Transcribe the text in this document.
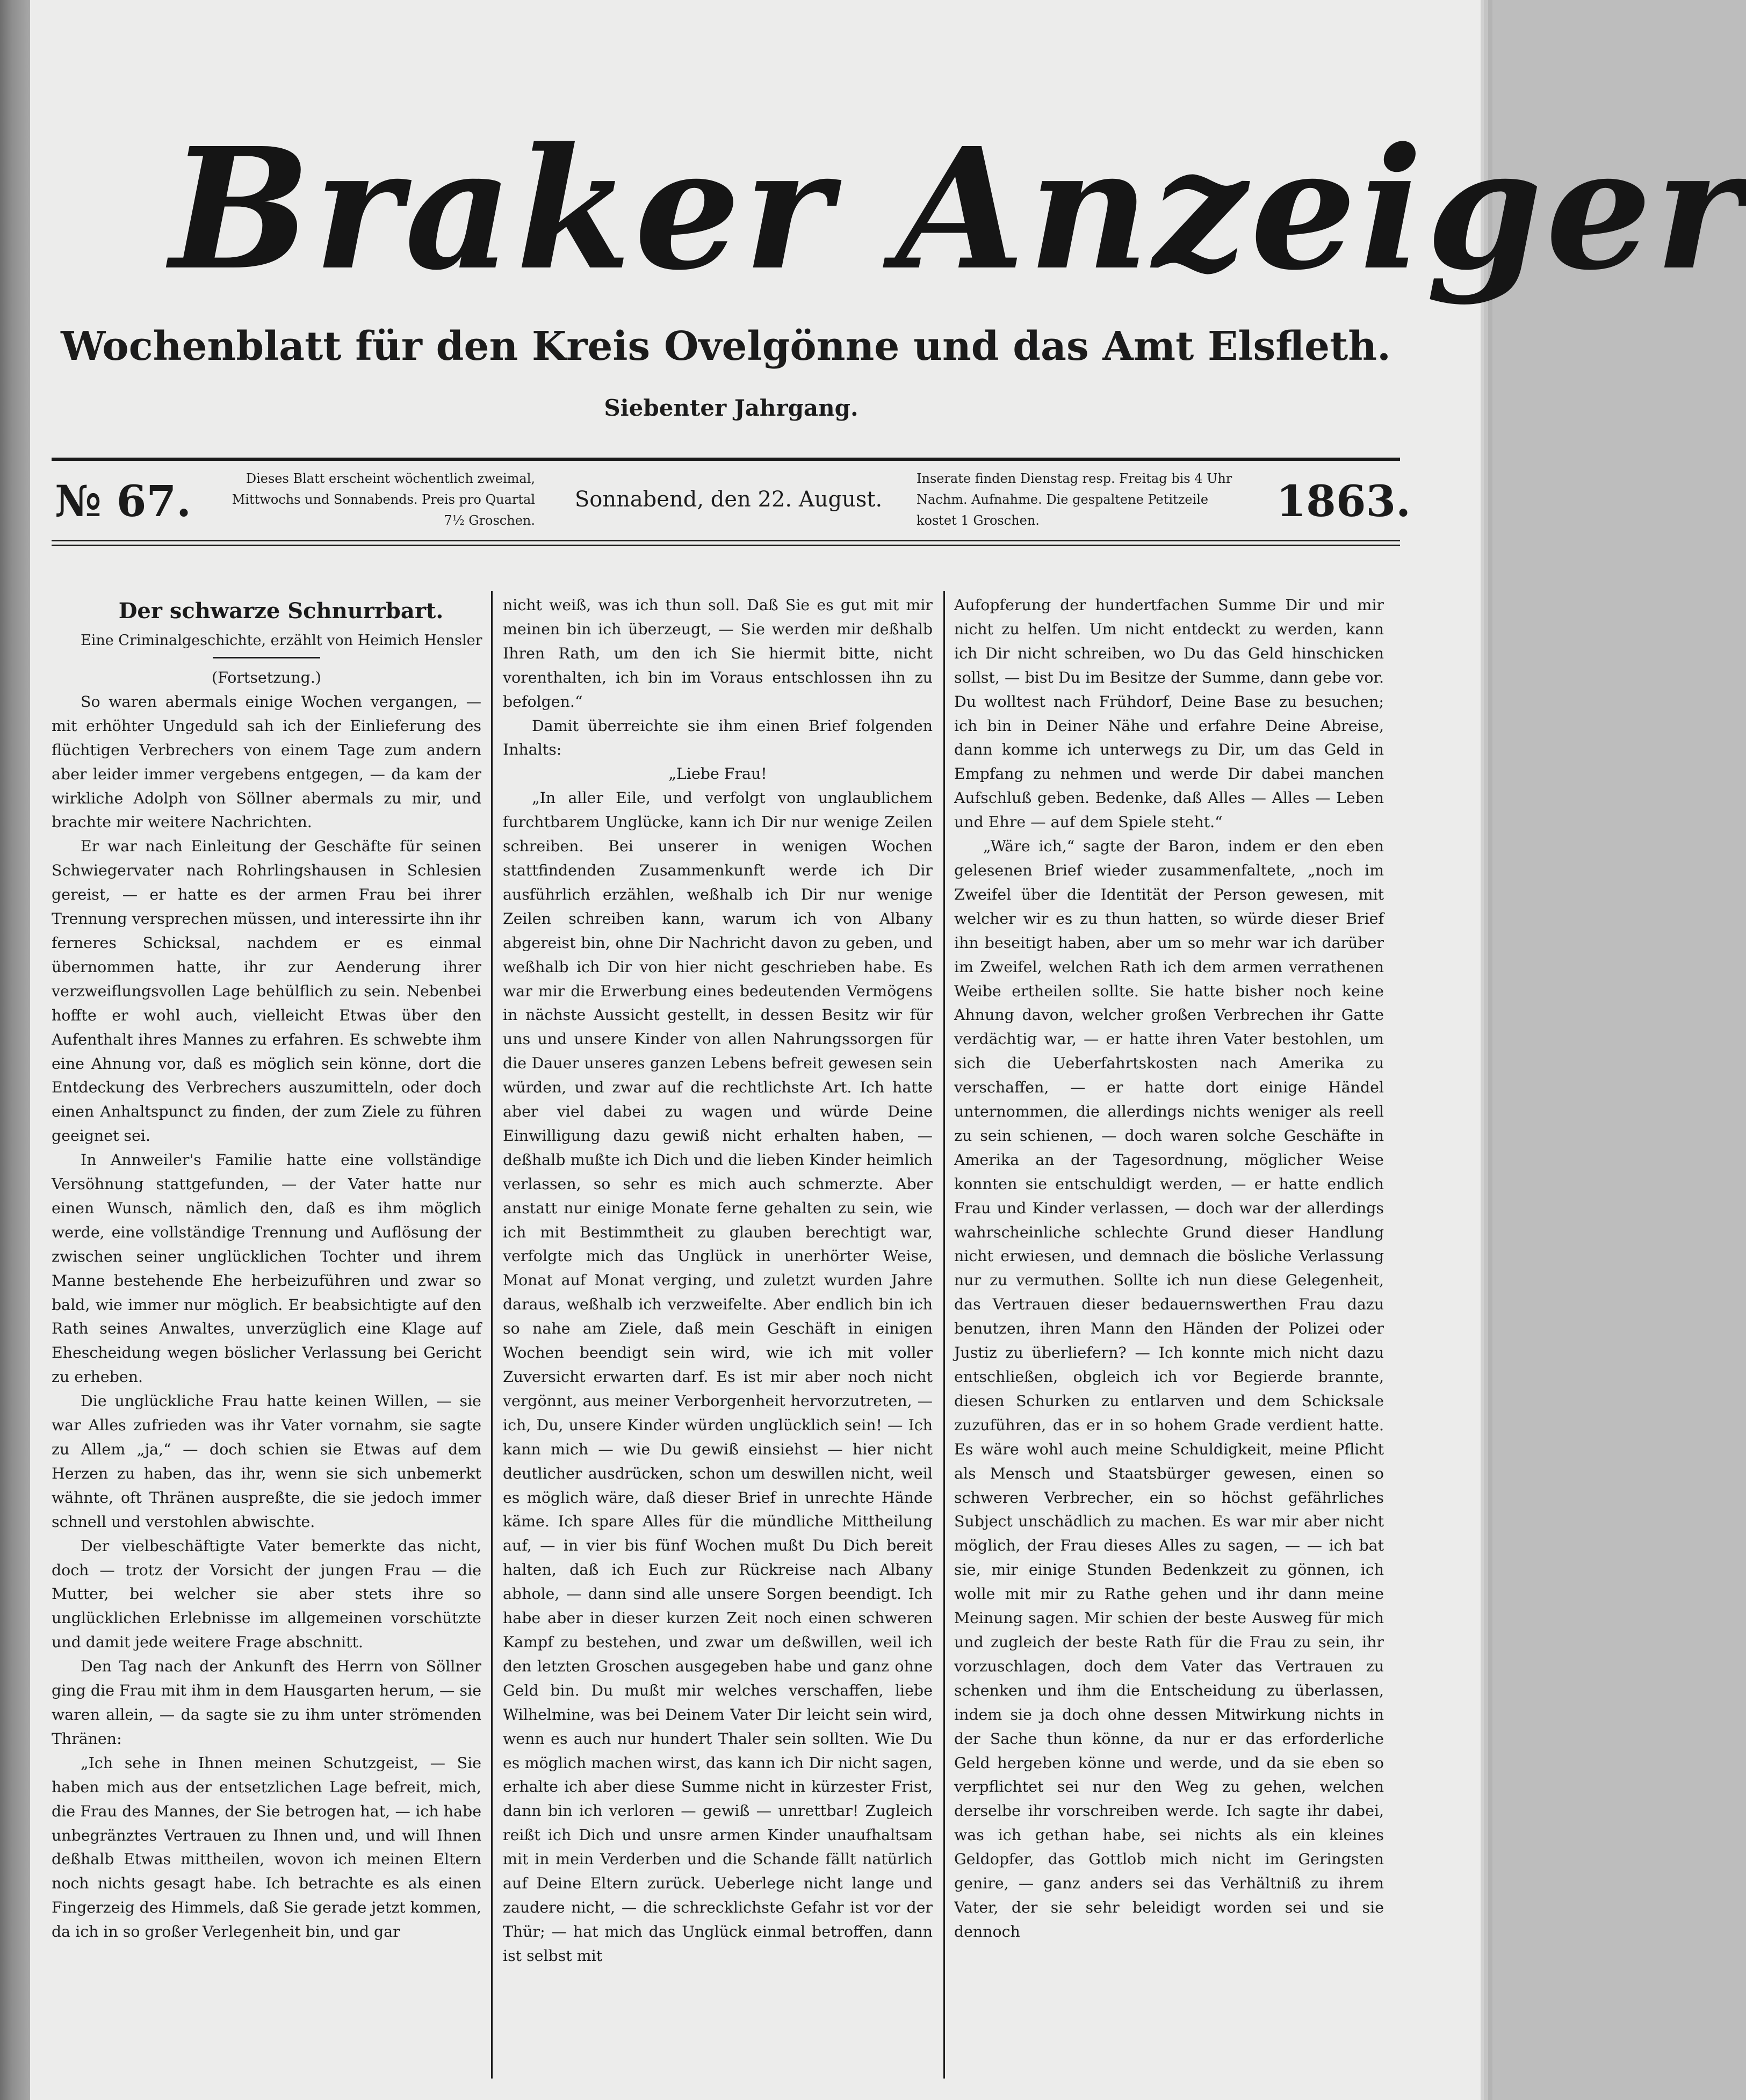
Braker Anzeiger
Wochenblatt für den Kreis Ovelgönne und das Amt Elsfleth.
Siebenter Jahrgang.
№ 67.	Dieses Blatt erscheint wöchentlich zweimal, Mittwochs und Sonnabends. Preis pro Quartal 7½ Groschen.
Sonnabend, den 22. August.
Inserate finden Dienstag resp. Freitag bis 4 Uhr Nachm. Aufnahme. Die gespaltene Petitzeile kostet 1 Groschen.	1863.

Der schwarze Schnurrbart.

Eine Criminalgeschichte, erzählt von Heimich Hensler

(Fortsetzung.)

So waren abermals einige Wochen vergangen, — mit erhöhter Ungeduld sah ich der Einlieferung des flüchtigen Verbrechers von einem Tage zum andern aber leider immer vergebens entgegen, — da kam der wirkliche Adolph von Söllner abermals zu mir, und brachte mir weitere Nachrichten.

Er war nach Einleitung der Geschäfte für seinen Schwiegervater nach Rohrlingshausen in Schlesien gereist, — er hatte es der armen Frau bei ihrer Trennung versprechen müssen, und interessirte ihn ihr ferneres Schicksal, nachdem er es einmal übernommen hatte, ihr zur Aenderung ihrer verzweiflungsvollen Lage behülflich zu sein. Nebenbei hoffte er wohl auch, vielleicht Etwas über den Aufenthalt ihres Mannes zu erfahren. Es schwebte ihm eine Ahnung vor, daß es möglich sein könne, dort die Entdeckung des Verbrechers auszumitteln, oder doch einen Anhaltspunct zu finden, der zum Ziele zu führen geeignet sei.

In Annweiler's Familie hatte eine vollständige Versöhnung stattgefunden, — der Vater hatte nur einen Wunsch, nämlich den, daß es ihm möglich werde, eine vollständige Trennung und Auflösung der zwischen seiner unglücklichen Tochter und ihrem Manne bestehende Ehe herbeizuführen und zwar so bald, wie immer nur möglich. Er beabsichtigte auf den Rath seines Anwaltes, unverzüglich eine Klage auf Ehescheidung wegen böslicher Verlassung bei Gericht zu erheben.

Die unglückliche Frau hatte keinen Willen, — sie war Alles zufrieden was ihr Vater vornahm, sie sagte zu Allem „ja,“ — doch schien sie Etwas auf dem Herzen zu haben, das ihr, wenn sie sich unbemerkt wähnte, oft Thränen auspreßte, die sie jedoch immer schnell und verstohlen abwischte.

Der vielbeschäftigte Vater bemerkte das nicht, doch — trotz der Vorsicht der jungen Frau — die Mutter, bei welcher sie aber stets ihre so unglücklichen Erlebnisse im allgemeinen vorschützte und damit jede weitere Frage abschnitt.

Den Tag nach der Ankunft des Herrn von Söllner ging die Frau mit ihm in dem Hausgarten herum, — sie waren allein, — da sagte sie zu ihm unter strömenden Thränen:

„Ich sehe in Ihnen meinen Schutzgeist, — Sie haben mich aus der entsetzlichen Lage befreit, mich, die Frau des Mannes, der Sie betrogen hat, — ich habe unbegränztes Vertrauen zu Ihnen und, und will Ihnen deßhalb Etwas mittheilen, wovon ich meinen Eltern noch nichts gesagt habe. Ich betrachte es als einen Fingerzeig des Himmels, daß Sie gerade jetzt kommen, da ich in so großer Verlegenheit bin, und gar

nicht weiß, was ich thun soll. Daß Sie es gut mit mir meinen bin ich überzeugt, — Sie werden mir deßhalb Ihren Rath, um den ich Sie hiermit bitte, nicht vorenthalten, ich bin im Voraus entschlossen ihn zu befolgen.“

Damit überreichte sie ihm einen Brief folgenden Inhalts:

„Liebe Frau!

„In aller Eile, und verfolgt von unglaublichem furchtbarem Unglücke, kann ich Dir nur wenige Zeilen schreiben. Bei unserer in wenigen Wochen stattfindenden Zusammenkunft werde ich Dir ausführlich erzählen, weßhalb ich Dir nur wenige Zeilen schreiben kann, warum ich von Albany abgereist bin, ohne Dir Nachricht davon zu geben, und weßhalb ich Dir von hier nicht geschrieben habe. Es war mir die Erwerbung eines bedeutenden Vermögens in nächste Aussicht gestellt, in dessen Besitz wir für uns und unsere Kinder von allen Nahrungssorgen für die Dauer unseres ganzen Lebens befreit gewesen sein würden, und zwar auf die rechtlichste Art. Ich hatte aber viel dabei zu wagen und würde Deine Einwilligung dazu gewiß nicht erhalten haben, — deßhalb mußte ich Dich und die lieben Kinder heimlich verlassen, so sehr es mich auch schmerzte. Aber anstatt nur einige Monate ferne gehalten zu sein, wie ich mit Bestimmtheit zu glauben berechtigt war, verfolgte mich das Unglück in unerhörter Weise, Monat auf Monat verging, und zuletzt wurden Jahre daraus, weßhalb ich verzweifelte. Aber endlich bin ich so nahe am Ziele, daß mein Geschäft in einigen Wochen beendigt sein wird, wie ich mit voller Zuversicht erwarten darf. Es ist mir aber noch nicht vergönnt, aus meiner Verborgenheit hervorzutreten, — ich, Du, unsere Kinder würden unglücklich sein! — Ich kann mich — wie Du gewiß einsiehst — hier nicht deutlicher ausdrücken, schon um deswillen nicht, weil es möglich wäre, daß dieser Brief in unrechte Hände käme. Ich spare Alles für die mündliche Mittheilung auf, — in vier bis fünf Wochen mußt Du Dich bereit halten, daß ich Euch zur Rückreise nach Albany abhole, — dann sind alle unsere Sorgen beendigt. Ich habe aber in dieser kurzen Zeit noch einen schweren Kampf zu bestehen, und zwar um deßwillen, weil ich den letzten Groschen ausgegeben habe und ganz ohne Geld bin. Du mußt mir welches verschaffen, liebe Wilhelmine, was bei Deinem Vater Dir leicht sein wird, wenn es auch nur hundert Thaler sein sollten. Wie Du es möglich machen wirst, das kann ich Dir nicht sagen, erhalte ich aber diese Summe nicht in kürzester Frist, dann bin ich verloren — gewiß — unrettbar! Zugleich reißt ich Dich und unsre armen Kinder unaufhaltsam mit in mein Verderben und die Schande fällt natürlich auf Deine Eltern zurück. Ueberlege nicht lange und zaudere nicht, — die schrecklichste Gefahr ist vor der Thür; — hat mich das Unglück einmal betroffen, dann ist selbst mit

Aufopferung der hundertfachen Summe Dir und mir nicht zu helfen. Um nicht entdeckt zu werden, kann ich Dir nicht schreiben, wo Du das Geld hinschicken sollst, — bist Du im Besitze der Summe, dann gebe vor. Du wolltest nach Frühdorf, Deine Base zu besuchen; ich bin in Deiner Nähe und erfahre Deine Abreise, dann komme ich unterwegs zu Dir, um das Geld in Empfang zu nehmen und werde Dir dabei manchen Aufschluß geben. Bedenke, daß Alles — Alles — Leben und Ehre — auf dem Spiele steht.“

„Wäre ich,“ sagte der Baron, indem er den eben gelesenen Brief wieder zusammenfaltete, „noch im Zweifel über die Identität der Person gewesen, mit welcher wir es zu thun hatten, so würde dieser Brief ihn beseitigt haben, aber um so mehr war ich darüber im Zweifel, welchen Rath ich dem armen verrathenen Weibe ertheilen sollte. Sie hatte bisher noch keine Ahnung davon, welcher großen Verbrechen ihr Gatte verdächtig war, — er hatte ihren Vater bestohlen, um sich die Ueberfahrtskosten nach Amerika zu verschaffen, — er hatte dort einige Händel unternommen, die allerdings nichts weniger als reell zu sein schienen, — doch waren solche Geschäfte in Amerika an der Tagesordnung, möglicher Weise konnten sie entschuldigt werden, — er hatte endlich Frau und Kinder verlassen, — doch war der allerdings wahrscheinliche schlechte Grund dieser Handlung nicht erwiesen, und demnach die bösliche Verlassung nur zu vermuthen. Sollte ich nun diese Gelegenheit, das Vertrauen dieser bedauernswerthen Frau dazu benutzen, ihren Mann den Händen der Polizei oder Justiz zu überliefern? — Ich konnte mich nicht dazu entschließen, obgleich ich vor Begierde brannte, diesen Schurken zu entlarven und dem Schicksale zuzuführen, das er in so hohem Grade verdient hatte. Es wäre wohl auch meine Schuldigkeit, meine Pflicht als Mensch und Staatsbürger gewesen, einen so schweren Verbrecher, ein so höchst gefährliches Subject unschädlich zu machen. Es war mir aber nicht möglich, der Frau dieses Alles zu sagen, — — ich bat sie, mir einige Stunden Bedenkzeit zu gönnen, ich wolle mit mir zu Rathe gehen und ihr dann meine Meinung sagen. Mir schien der beste Ausweg für mich und zugleich der beste Rath für die Frau zu sein, ihr vorzuschlagen, doch dem Vater das Vertrauen zu schenken und ihm die Entscheidung zu überlassen, indem sie ja doch ohne dessen Mitwirkung nichts in der Sache thun könne, da nur er das erforderliche Geld hergeben könne und werde, und da sie eben so verpflichtet sei nur den Weg zu gehen, welchen derselbe ihr vorschreiben werde. Ich sagte ihr dabei, was ich gethan habe, sei nichts als ein kleines Geldopfer, das Gottlob mich nicht im Geringsten genire, — ganz anders sei das Verhältniß zu ihrem Vater, der sie sehr beleidigt worden sei und sie dennoch
